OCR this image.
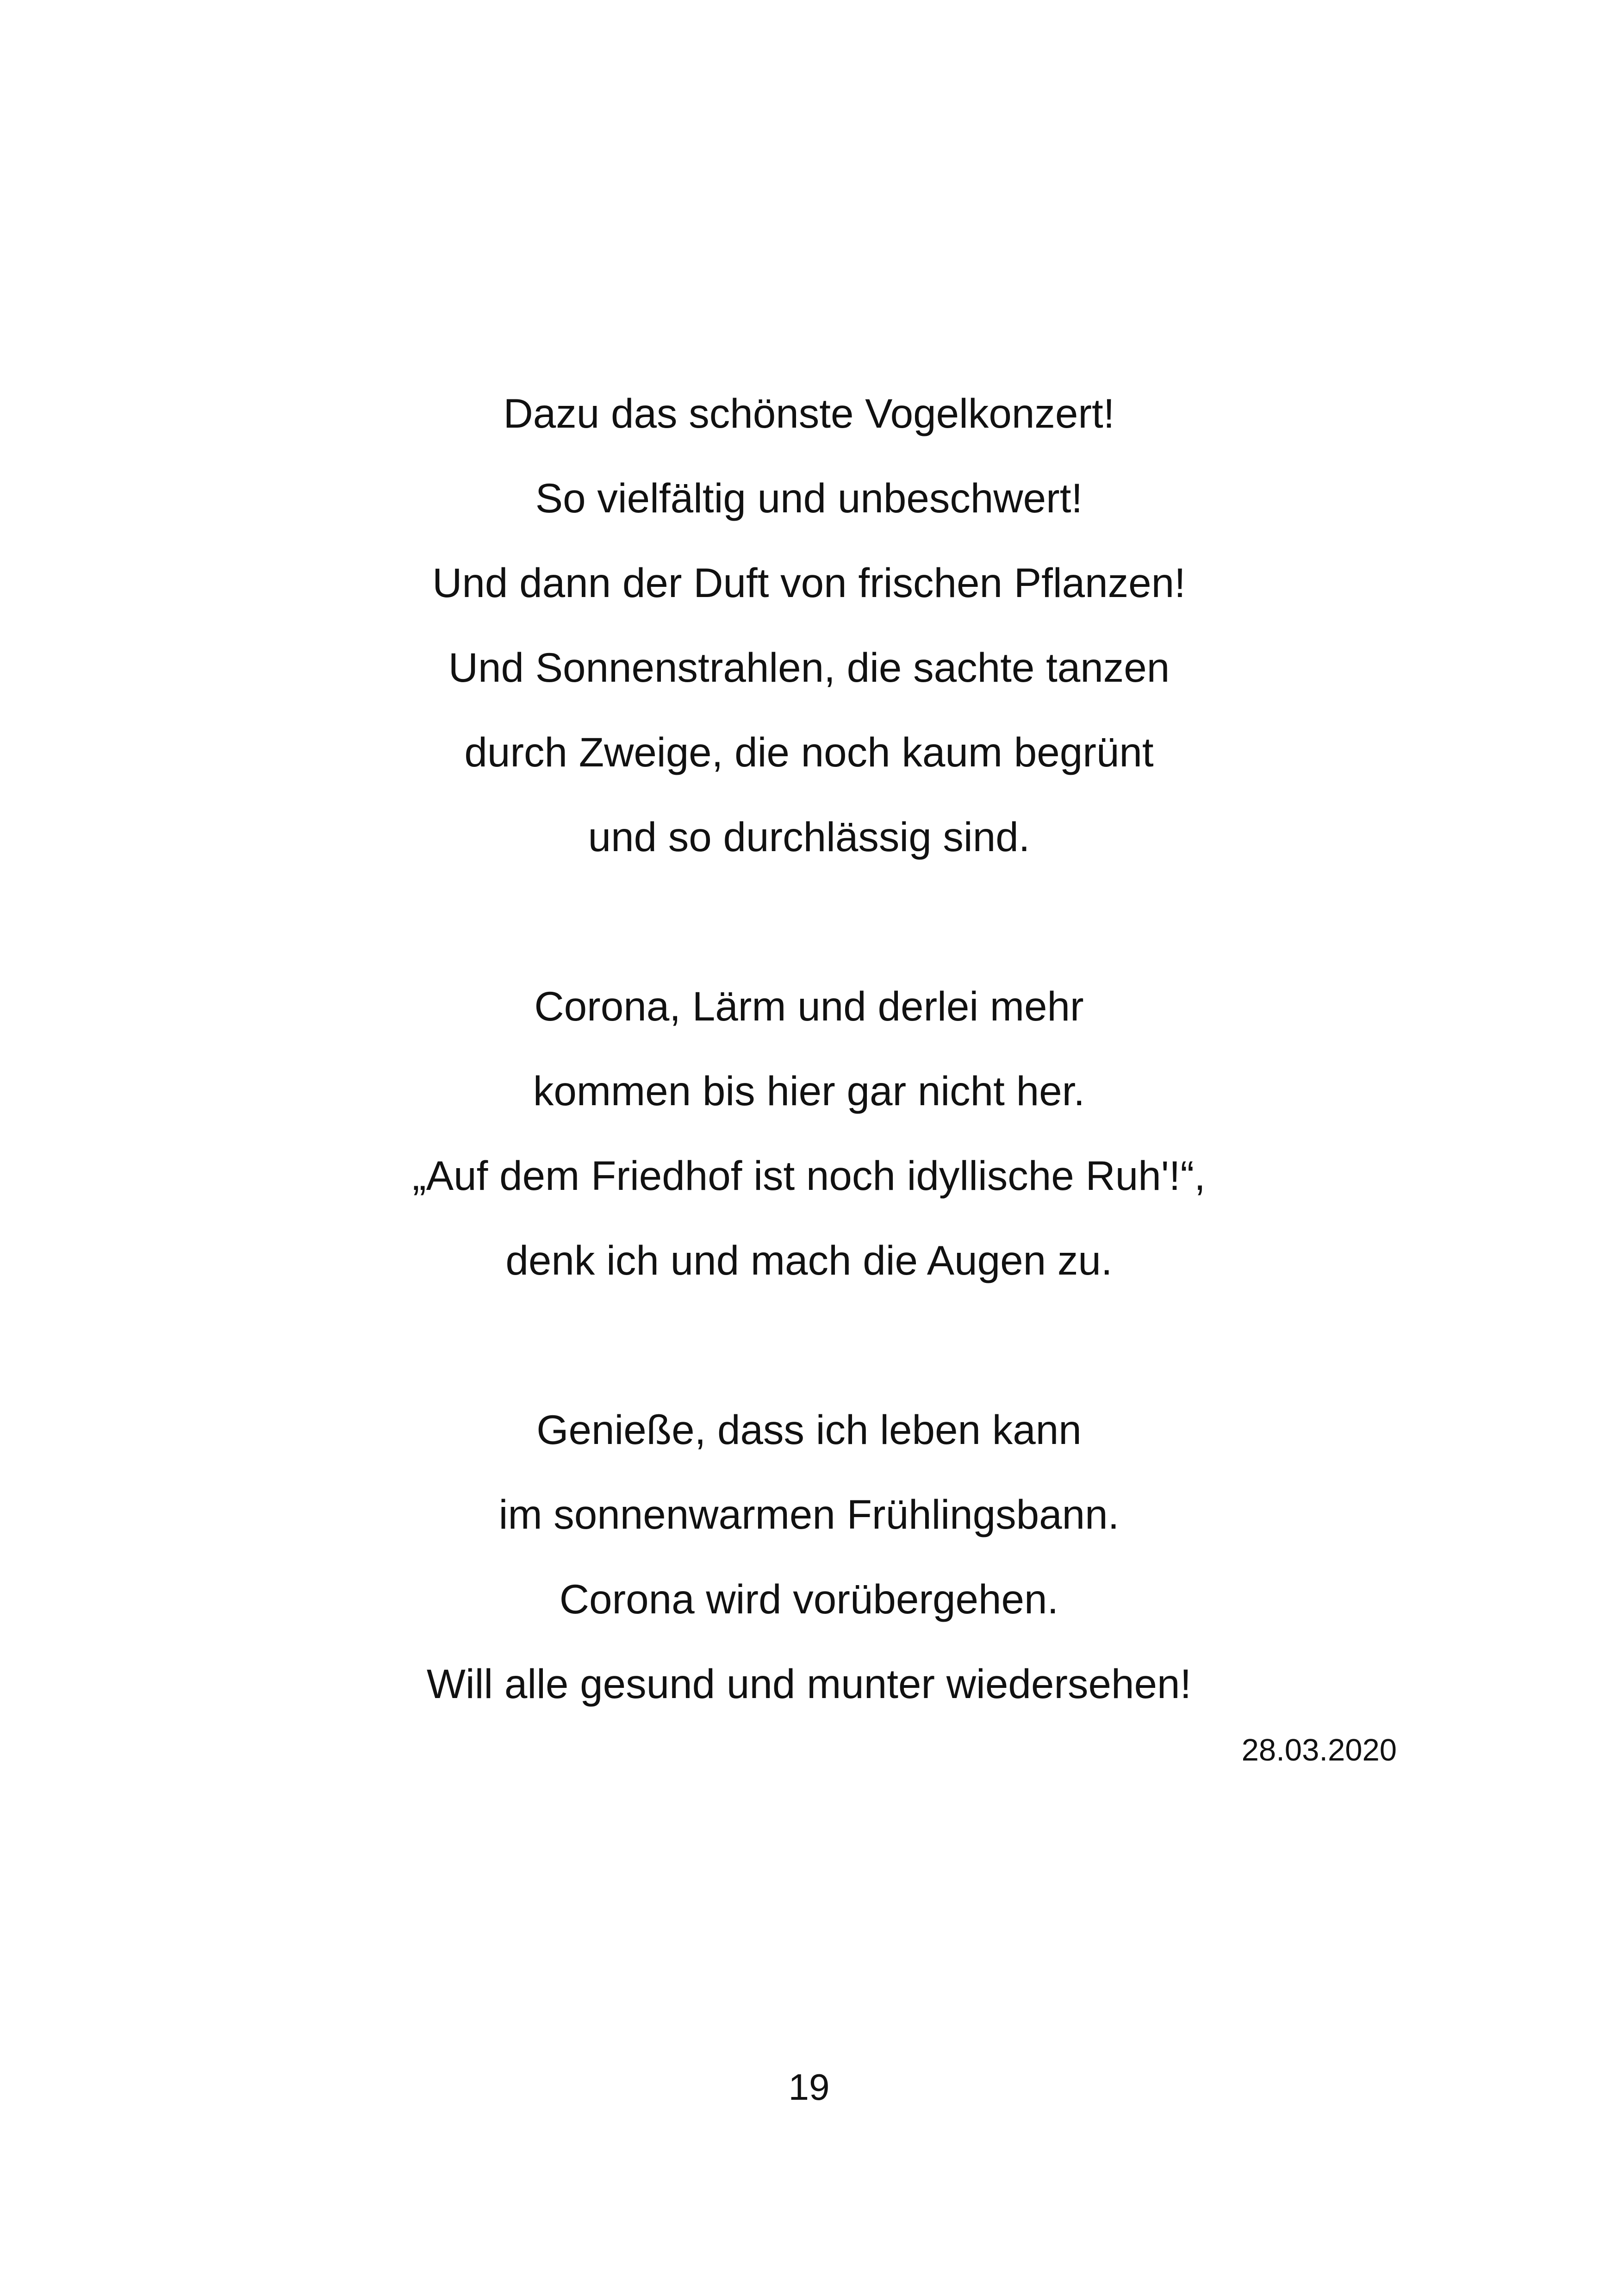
Dazu das schönste Vogelkonzert!
So vielfältig und unbeschwert!
Und dann der Duft von frischen Pflanzen!
Und Sonnenstrahlen, die sachte tanzen
durch Zweige, die noch kaum begrünt
und so durchlässig sind.
Corona, Lärm und derlei mehr
kommen bis hier gar nicht her.
„Auf dem Friedhof ist noch idyllische Ruh'!“,
denk ich und mach die Augen zu.
Genieße, dass ich leben kann
im sonnenwarmen Frühlingsbann.
Corona wird vorübergehen.
Will alle gesund und munter wiedersehen!
28.03.2020
19
